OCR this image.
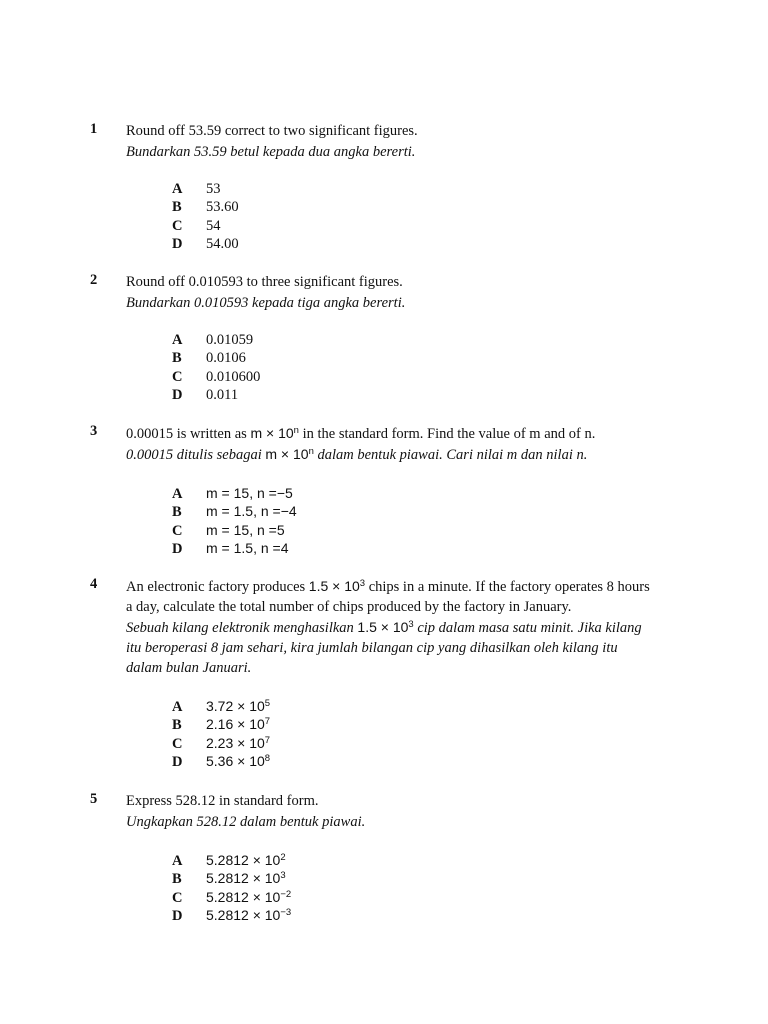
1 Round off 53.59 correct to two significant figures.
Bundarkan 53.59 betul kepada dua angka bererti.
A 53
B 53.60
C 54
D 54.00
2 Round off 0.010593 to three significant figures.
Bundarkan 0.010593 kepada tiga angka bererti.
A 0.01059
B 0.0106
C 0.010600
D 0.011
3 0.00015 is written as $m \times 10^n$ in the standard form. Find the value of m and of n.
0.00015 ditulis sebagai $m \times 10^n$ dalam bentuk piawai. Cari nilai m dan nilai n.
A m = 15, n =−5
B m = 1.5, n =−4
C m = 15, n =5
D m = 1.5, n =4
4 An electronic factory produces $1.5 \times 10^3$ chips in a minute. If the factory operates 8 hours
a day, calculate the total number of chips produced by the factory in January.
Sebuah kilang elektronik menghasilkan $1.5 \times 10^3$ cip dalam masa satu minit. Jika kilang
itu beroperasi 8 jam sehari, kira jumlah bilangan cip yang dihasilkan oleh kilang itu
dalam bulan Januari.
A $3.72 \times 10^5$
B $2.16 \times 10^7$
C $2.23 \times 10^7$
D $5.36 \times 10^8$
5 Express 528.12 in standard form.
Ungkapkan 528.12 dalam bentuk piawai.
A $5.2812 \times 10^2$
B $5.2812 \times 10^3$
C $5.2812 \times 10^{-2}$
D $5.2812 \times 10^{-3}$
